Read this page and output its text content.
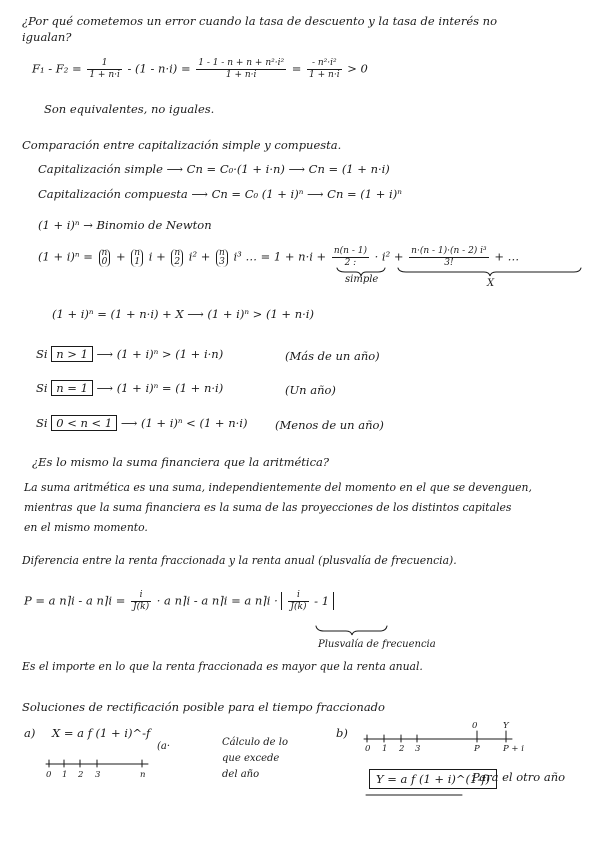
¿Por qué cometemos un error cuando la tasa de descuento y la tasa de interés no
igualan?
$F_1 - F_2 = \frac{1}{1 + n\cdot i} - (1 - n\cdot i) = \frac{\text{1 - 1 - n + n + n²·i²}}{1 + n\cdot i} = \frac{\text{- n²·i²}}{1 + n\cdot i} > 0$
Son equivalentes, no iguales.
Comparación entre capitalización simple y compuesta.
Capitalización simple ⟶ Cn = C₀·(1 + i·n) ⟶ Cn = (1 + n·i)
Capitalización compuesta ⟶ Cn = C₀ (1 + i)ⁿ ⟶ Cn = (1 + i)ⁿ
(1 + i)ⁿ → Binomio de Newton
(1 + i)ⁿ = n
0 + n
1 i + n
2 i² + n
3 i³ … = $1 + n\cdot i + \frac{n(n - 1)}{2 :} \cdot i^2 + \frac{\text{n·(n - 1)·(n - 2) i³}}{3!}$ + …
simple	X
(1 + i)ⁿ = (1 + n·i) + X ⟶ (1 + i)ⁿ > (1 + n·i)
Si n > 1 ⟶ (1 + i)ⁿ > (1 + i·n)	(Más de un año)
Si n = 1 ⟶ (1 + i)ⁿ = (1 + n·i)	(Un año)
Si 0 < n < 1 ⟶ (1 + i)ⁿ < (1 + n·i) (Menos de un año)
¿Es lo mismo la suma financiera que la aritmética?
La suma aritmética es una suma, independientemente del momento en el que se devenguen,
mientras que la suma financiera es la suma de las proyecciones de los distintos capitales
en el mismo momento.
Diferencia entre la renta fraccionada y la renta anual (plusvalía de frecuencia).
P = a n⌉i - a n⌉i = $\frac{i}{J(k)} \cdot a$ n⌉i - a n⌉i = a n⌉i · $\frac{i}{J(k)} - 1$
Plusvalía de frecuencia
Es el importe en lo que la renta fraccionada es mayor que la renta anual.
Soluciones de rectificación posible para el tiempo fraccionado
a) X = a f (1 + i)^-f
(a·
0 1 2 3	n
Cálculo de lo
que excede
del año
b)	0	Y
0 1 2 3	P	P + i
Y = a f (1 + i)^(1-f)
Para el otro año
